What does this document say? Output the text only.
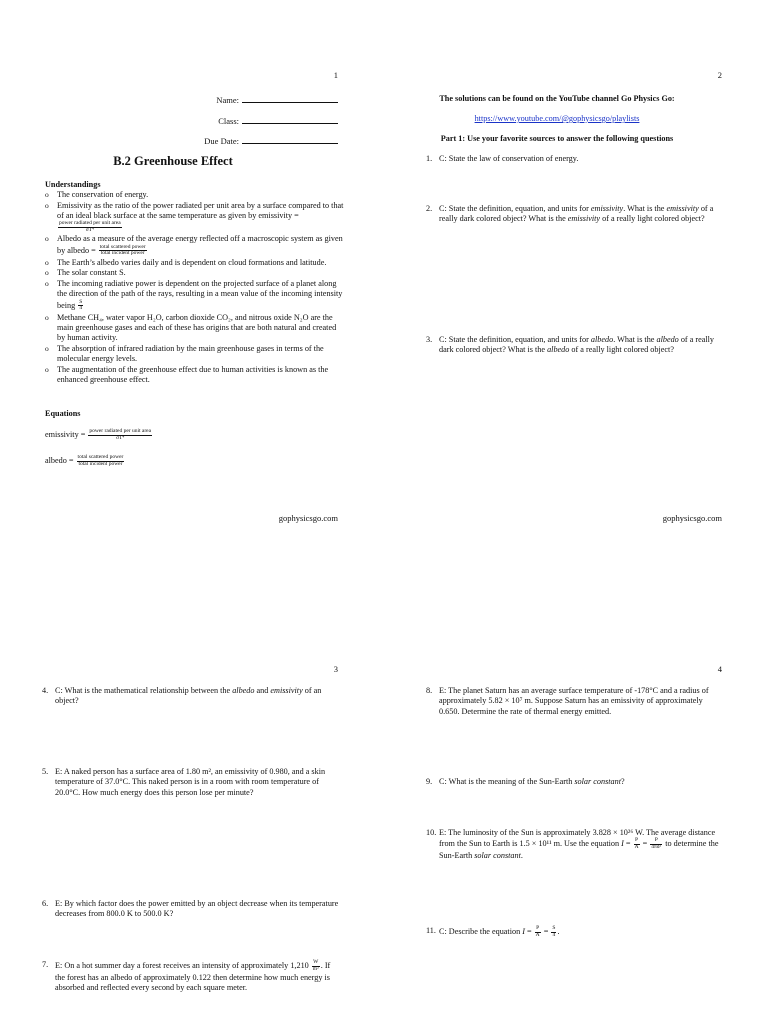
1
Name:
Class:
Due Date:
B.2 Greenhouse Effect
Understandings
o The conservation of energy.
o Emissivity as the ratio of the power radiated per unit area by a surface compared to that of an ideal black surface at the same temperature as given by emissivity =
$\frac{\text{power radiated per unit area}}{\text{σT⁴}}$
o Albedo as a measure of the average energy reflected off a macroscopic system as given by albedo = $\frac{\text{total scattered power}}{\text{total incident power}}$
o The Earth’s albedo varies daily and is dependent on cloud formations and latitude.
o The solar constant S.
o The incoming radiative power is dependent on the projected surface of a planet along the direction of the path of the rays, resulting in a mean value of the incoming intensity being $\frac{S}{4}$
o Methane CH₄, water vapor H₂O, carbon dioxide CO₂, and nitrous oxide N₂O are the main greenhouse gases and each of these has origins that are both natural and created by human activity.
o The absorption of infrared radiation by the main greenhouse gases in terms of the molecular energy levels.
o The augmentation of the greenhouse effect due to human activities is known as the enhanced greenhouse effect.
Equations
emissivity = $\frac{\text{power radiated per unit area}}{\text{σT⁴}}$
albedo = $\frac{\text{total scattered power}}{\text{total incident power}}$
gophysicsgo.com
2
The solutions can be found on the YouTube channel Go Physics Go:
https://www.youtube.com/@gophysicsgo/playlists
Part 1: Use your favorite sources to answer the following questions
1. C: State the law of conservation of energy.
2. C: State the definition, equation, and units for emissivity. What is the emissivity of a really dark colored object? What is the emissivity of a really light colored object?
3. C: State the definition, equation, and units for albedo. What is the albedo of a really dark colored object? What is the albedo of a really light colored object?
gophysicsgo.com
3
4. C: What is the mathematical relationship between the albedo and emissivity of an object?
5. E: A naked person has a surface area of 1.80 m², an emissivity of 0.980, and a skin temperature of 37.0°C. This naked person is in a room with room temperature of 20.0°C. How much energy does this person lose per minute?
6. E: By which factor does the power emitted by an object decrease when its temperature decreases from 800.0 K to 500.0 K?
7. E: On a hot summer day a forest receives an intensity of approximately $1,210 \frac{W}{\text{m²}}$ . If the forest has an albedo of approximately 0.122 then determine how much energy is absorbed and reflected every second by each square meter.
4
8. E: The planet Saturn has an average surface temperature of -178°C and a radius of approximately 5.82 × 10⁷ m. Suppose Saturn has an emissivity of approximately 0.650. Determine the rate of thermal energy emitted.
9. C: What is the meaning of the Sun-Earth solar constant?
10. E: The luminosity of the Sun is approximately 3.828 × 10²⁶ W. The average distance from the Sun to Earth is 1.5 × 10¹¹ m. Use the equation $I = \frac{P}{A} = \frac{P}{\text{4πd²}}$ to determine the Sun-Earth solar constant.
11. C: Describe the equation $I = \frac{P}{A} = \frac{S}{4}$ .
